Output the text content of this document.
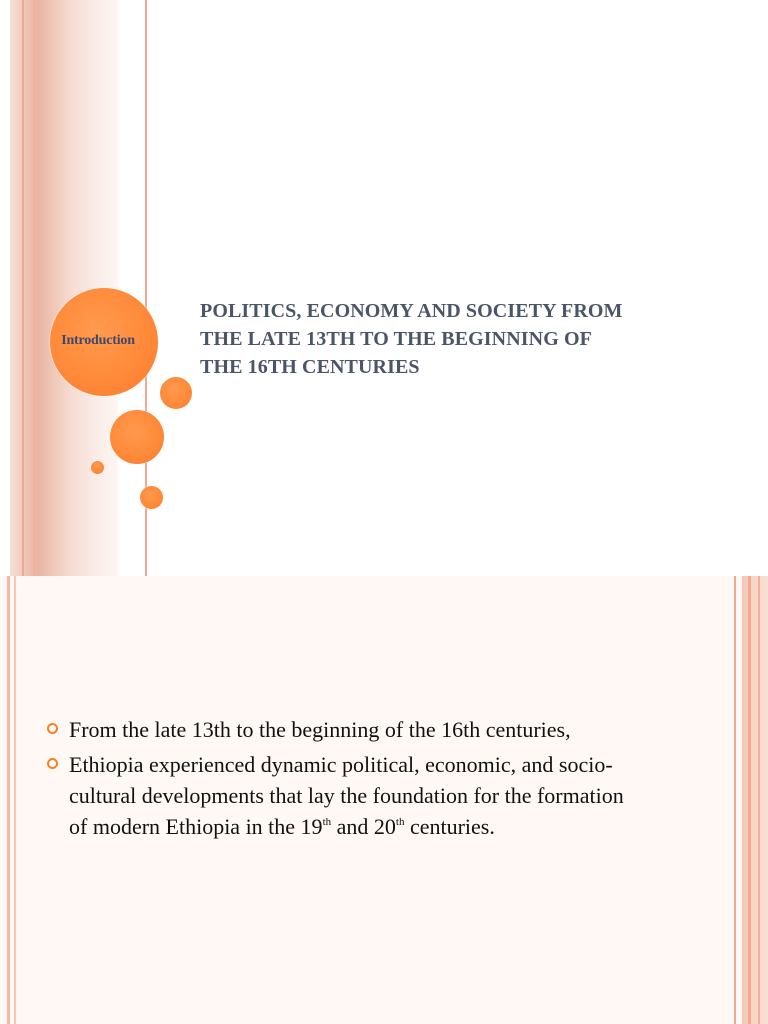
Introduction
POLITICS, ECONOMY AND SOCIETY FROM
THE LATE 13TH TO THE BEGINNING OF
THE 16TH CENTURIES
From the late 13th to the beginning of the 16th centuries,
Ethiopia experienced dynamic political, economic, and socio-
cultural developments that lay the foundation for the formation
of modern Ethiopia in the 19th and 20th centuries.
